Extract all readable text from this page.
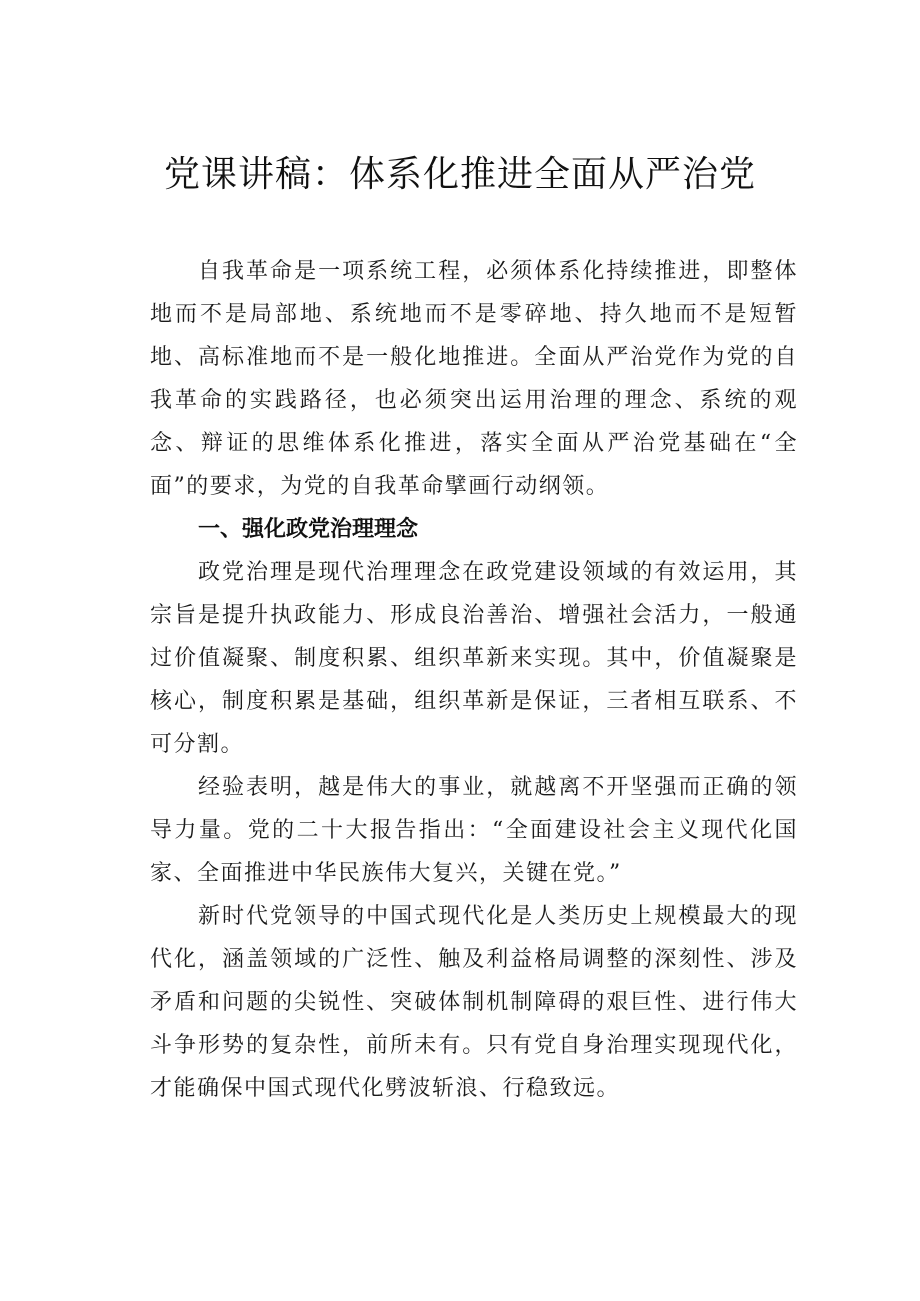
党课讲稿：体系化推进全面从严治党

自我革命是一项系统工程，必须体系化持续推进，即整体地而不是局部地、系统地而不是零碎地、持久地而不是短暂地、高标准地而不是一般化地推进。全面从严治党作为党的自我革命的实践路径，也必须突出运用治理的理念、系统的观念、辩证的思维体系化推进，落实全面从严治党基础在“全面”的要求，为党的自我革命擘画行动纲领。

一、强化政党治理理念

政党治理是现代治理理念在政党建设领域的有效运用，其宗旨是提升执政能力、形成良治善治、增强社会活力，一般通过价值凝聚、制度积累、组织革新来实现。其中，价值凝聚是核心，制度积累是基础，组织革新是保证，三者相互联系、不可分割。

经验表明，越是伟大的事业，就越离不开坚强而正确的领导力量。党的二十大报告指出：“全面建设社会主义现代化国家、全面推进中华民族伟大复兴，关键在党。”

新时代党领导的中国式现代化是人类历史上规模最大的现代化，涵盖领域的广泛性、触及利益格局调整的深刻性、涉及矛盾和问题的尖锐性、突破体制机制障碍的艰巨性、进行伟大斗争形势的复杂性，前所未有。只有党自身治理实现现代化，才能确保中国式现代化劈波斩浪、行稳致远。
